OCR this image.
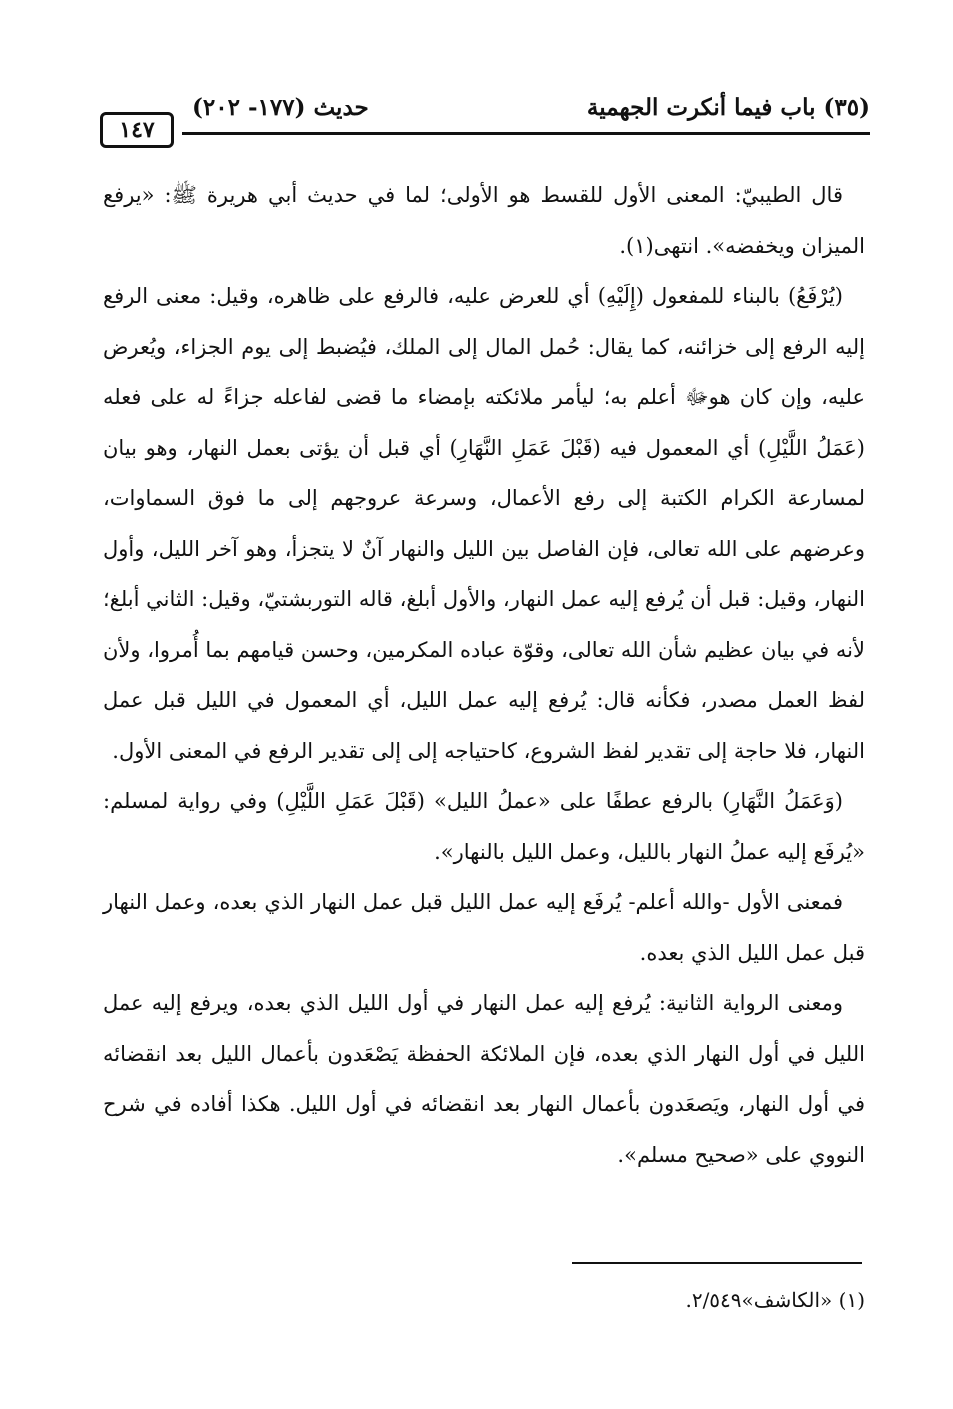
(٣٥) باب فيما أنكرت الجهمية
حديث (١٧٧- ٢٠٢)
١٤٧

قال الطيبيّ: المعنى الأول للقسط هو الأولى؛ لما في حديث أبي هريرة ﷺ: «يرفع الميزان ويخفضه». انتهى(١).

(يُرْفَعُ) بالبناء للمفعول (إِلَيْهِ) أي للعرض عليه، فالرفع على ظاهره، وقيل: معنى الرفع إليه الرفع إلى خزائنه، كما يقال: حُمل المال إلى الملك، فيُضبط إلى يوم الجزاء، ويُعرض عليه، وإن كان هوﷻ أعلم به؛ ليأمر ملائكته بإمضاء ما قضى لفاعله جزاءً له على فعله (عَمَلُ اللَّيْلِ) أي المعمول فيه (قَبْلَ عَمَلِ النَّهَارِ) أي قبل أن يؤتى بعمل النهار، وهو بيان لمسارعة الكرام الكتبة إلى رفع الأعمال، وسرعة عروجهم إلى ما فوق السماوات، وعرضهم على الله تعالى، فإن الفاصل بين الليل والنهار آنٌ لا يتجزأ، وهو آخر الليل، وأول النهار، وقيل: قبل أن يُرفع إليه عمل النهار، والأول أبلغ، قاله التوربشتيّ، وقيل: الثاني أبلغ؛ لأنه في بيان عظيم شأن الله تعالى، وقوّة عباده المكرمين، وحسن قيامهم بما أُمروا، ولأن لفظ العمل مصدر، فكأنه قال: يُرفع إليه عمل الليل، أي المعمول في الليل قبل عمل النهار، فلا حاجة إلى تقدير لفظ الشروع، كاحتياجه إلى إلى تقدير الرفع في المعنى الأول.

(وَعَمَلُ النَّهَارِ) بالرفع عطفًا على «عملُ الليل» (قَبْلَ عَمَلِ اللَّيْلِ) وفي رواية لمسلم: «يُرفَع إليه عملُ النهار بالليل، وعمل الليل بالنهار».

فمعنى الأول -والله أعلم- يُرفَع إليه عمل الليل قبل عمل النهار الذي بعده، وعمل النهار قبل عمل الليل الذي بعده.

ومعنى الرواية الثانية: يُرفع إليه عمل النهار في أول الليل الذي بعده، ويرفع إليه عمل الليل في أول النهار الذي بعده، فإن الملائكة الحفظة يَصْعَدون بأعمال الليل بعد انقضائه في أول النهار، ويَصعَدون بأعمال النهار بعد انقضائه في أول الليل. هكذا أفاده في شرح النووي على «صحيح مسلم».

(١) «الكاشف»٢/٥٤٩.
